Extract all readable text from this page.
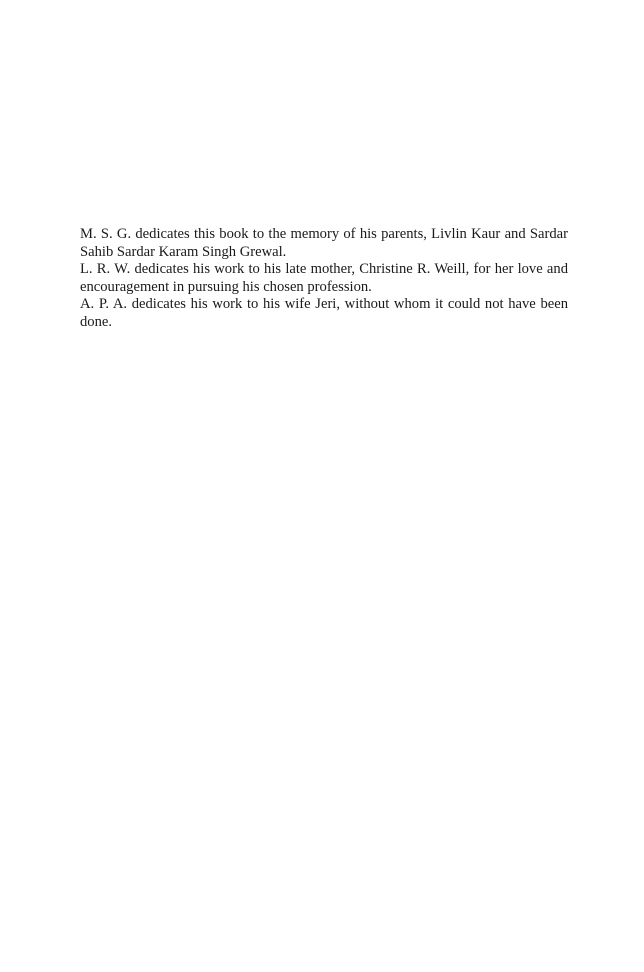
M. S. G. dedicates this book to the memory of his parents, Livlin Kaur and Sardar Sahib Sardar Karam Singh Grewal.

L. R. W. dedicates his work to his late mother, Christine R. Weill, for her love and encouragement in pursuing his chosen profession.

A. P. A. dedicates his work to his wife Jeri, without whom it could not have been done.
